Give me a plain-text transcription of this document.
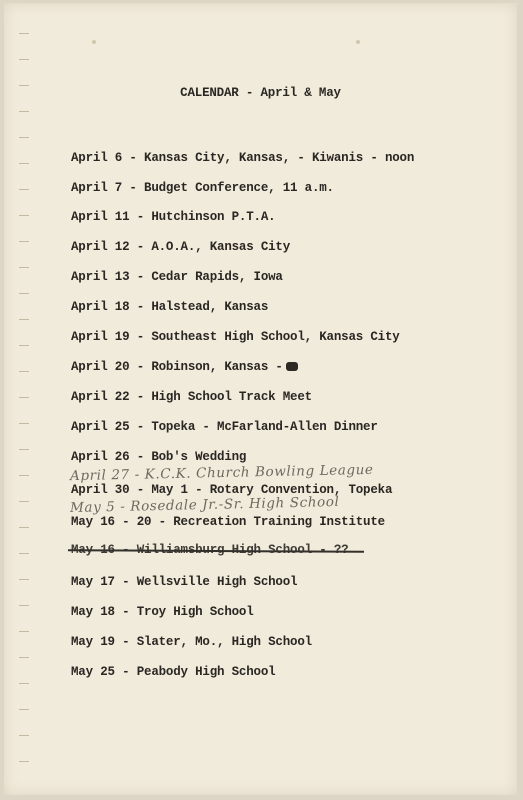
CALENDAR - April & May
April 6 - Kansas City, Kansas, - Kiwanis - noon
April 7 - Budget Conference, 11 a.m.
April 11 - Hutchinson P.T.A.
April 12 - A.O.A., Kansas City
April 13 - Cedar Rapids, Iowa
April 18 - Halstead, Kansas
April 19 - Southeast High School, Kansas City
April 20 - Robinson, Kansas -
April 22 - High School Track Meet
April 25 - Topeka - McFarland-Allen Dinner
April 26 - Bob's Wedding
April 27 - K.C.K. Church Bowling League
April 30 - May 1 - Rotary Convention, Topeka
May 5 - Rosedale Jr.-Sr. High School
May 16 - 20 - Recreation Training Institute
May 17 - Wellsville High School
May 18 - Troy High School
May 19 - Slater, Mo., High School
May 25 - Peabody High School
